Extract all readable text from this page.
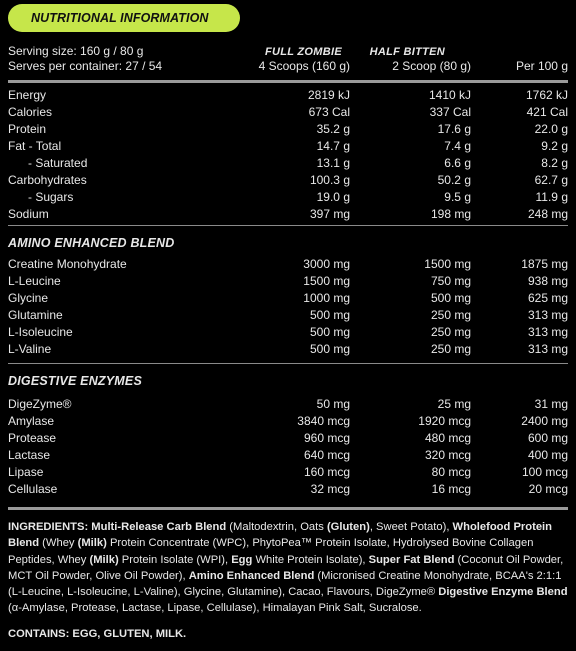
NUTRITIONAL INFORMATION
Serving size: 160 g / 80 g
Serves per container: 27 / 54	4 Scoops (160 g)	2 Scoop (80 g)	Per 100 g
FULL ZOMBIE	HALF BITTEN
Energy	2819 kJ	1410 kJ	1762 kJ
Calories	673 Cal	337 Cal	421 Cal
Protein	35.2 g	17.6 g	22.0 g
Fat - Total	14.7 g	7.4 g	9.2 g
- Saturated	13.1 g	6.6 g	8.2 g
Carbohydrates	100.3 g	50.2 g	62.7 g
- Sugars	19.0 g	9.5 g	11.9 g
Sodium	397 mg	198 mg	248 mg
AMINO ENHANCED BLEND
Creatine Monohydrate	3000 mg	1500 mg	1875 mg
L-Leucine	1500 mg	750 mg	938 mg
Glycine	1000 mg	500 mg	625 mg
Glutamine	500 mg	250 mg	313 mg
L-Isoleucine	500 mg	250 mg	313 mg
L-Valine	500 mg	250 mg	313 mg
DIGESTIVE ENZYMES
DigeZyme®	50 mg	25 mg	31 mg
Amylase	3840 mcg	1920 mcg	2400 mg
Protease	960 mcg	480 mcg	600 mg
Lactase	640 mcg	320 mcg	400 mg
Lipase	160 mcg	80 mcg	100 mcg
Cellulase	32 mcg	16 mcg	20 mcg
INGREDIENTS: Multi-Release Carb Blend (Maltodextrin, Oats (Gluten), Sweet Potato), Wholefood Protein Blend (Whey (Milk) Protein Concentrate (WPC), PhytoPea™ Protein Isolate, Hydrolysed Bovine Collagen Peptides, Whey (Milk) Protein Isolate (WPI), Egg White Protein Isolate), Super Fat Blend (Coconut Oil Powder, MCT Oil Powder, Olive Oil Powder), Amino Enhanced Blend (Micronised Creatine Monohydrate, BCAA's 2:1:1 (L-Leucine, L-Isoleucine, L-Valine), Glycine, Glutamine), Cacao, Flavours, DigeZyme® Digestive Enzyme Blend (α-Amylase, Protease, Lactase, Lipase, Cellulase), Himalayan Pink Salt, Sucralose.
CONTAINS: EGG, GLUTEN, MILK.
